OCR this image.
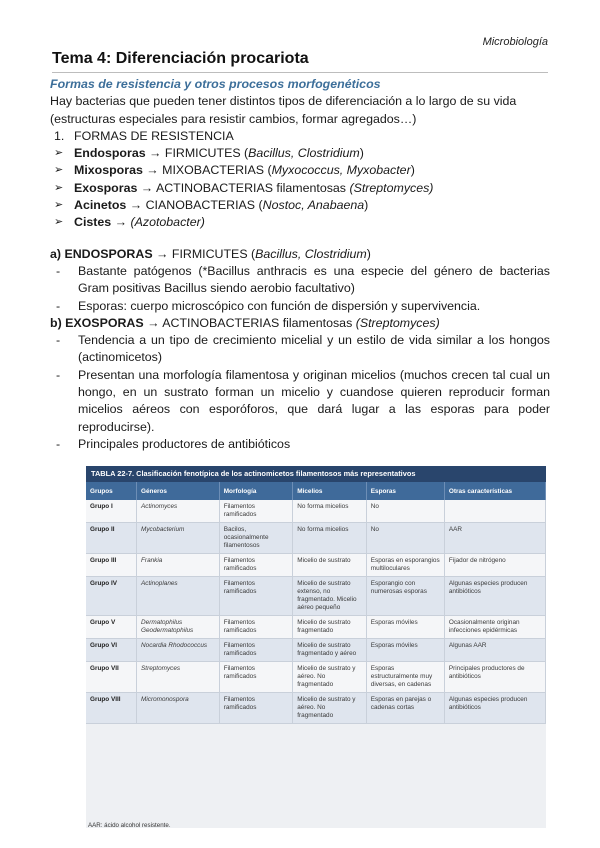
Microbiología
Tema 4: Diferenciación procariota

Formas de resistencia y otros procesos morfogenéticos

Hay bacterias que pueden tener distintos tipos de diferenciación a lo largo de su vida (estructuras especiales para resistir cambios, formar agregados…)

1. FORMAS DE RESISTENCIA
➢ Endosporas → FIRMICUTES (Bacillus, Clostridium)
➢ Mixosporas → MIXOBACTERIAS (Myxococcus, Myxobacter)
➢ Exosporas → ACTINOBACTERIAS filamentosas (Streptomyces)
➢ Acinetos → CIANOBACTERIAS (Nostoc, Anabaena)
➢ Cistes → (Azotobacter)
a) ENDOSPORAS → FIRMICUTES (Bacillus, Clostridium)
-	Bastante patógenos (*Bacillus anthracis es una especie del género de bacterias Gram positivas Bacillus siendo aerobio facultativo)
-	Esporas: cuerpo microscópico con función de dispersión y supervivencia.
b) EXOSPORAS → ACTINOBACTERIAS filamentosas (Streptomyces)
-	Tendencia a un tipo de crecimiento micelial y un estilo de vida similar a los hongos (actinomicetos)
-	Presentan una morfología filamentosa y originan micelios (muchos crecen tal cual un hongo, en un sustrato forman un micelio y cuandose quieren reproducir forman micelios aéreos con esporóforos, que dará lugar a las esporas para poder reproducirse).
-	Principales productores de antibióticos
TABLA 22-7. Clasificación fenotípica de los actinomicetos filamentosos más representativos
Grupos	Géneros	Morfología	Micelios	Esporas	Otras características
Grupo I	Actinomyces	Filamentos ramificados	No forma micelios	No	
Grupo II	Mycobacterium	Bacilos, ocasionalmente filamentosos	No forma micelios	No	AAR
Grupo III	Frankia	Filamentos ramificados	Micelio de sustrato	Esporas en esporangios multiloculares	Fijador de nitrógeno
Grupo IV	Actinoplanes	Filamentos ramificados	Micelio de sustrato extenso, no fragmentado. Micelio aéreo pequeño	Esporangio con numerosas esporas	Algunas especies producen antibióticos
Grupo V	Dermatophilus Geodermatophilus	Filamentos ramificados	Micelio de sustrato fragmentado	Esporas móviles	Ocasionalmente originan infecciones epidérmicas
Grupo VI	Nocardia Rhodococcus	Filamentos ramificados	Micelio de sustrato fragmentado y aéreo	Esporas móviles	Algunas AAR
Grupo VII	Streptomyces	Filamentos ramificados	Micelio de sustrato y aéreo. No fragmentado	Esporas estructuralmente muy diversas, en cadenas	Principales productores de antibióticos
Grupo VIII	Micromonospora	Filamentos ramificados	Micelio de sustrato y aéreo. No fragmentado	Esporas en parejas o cadenas cortas	Algunas especies producen antibióticos
AAR: ácido alcohol resistente.
